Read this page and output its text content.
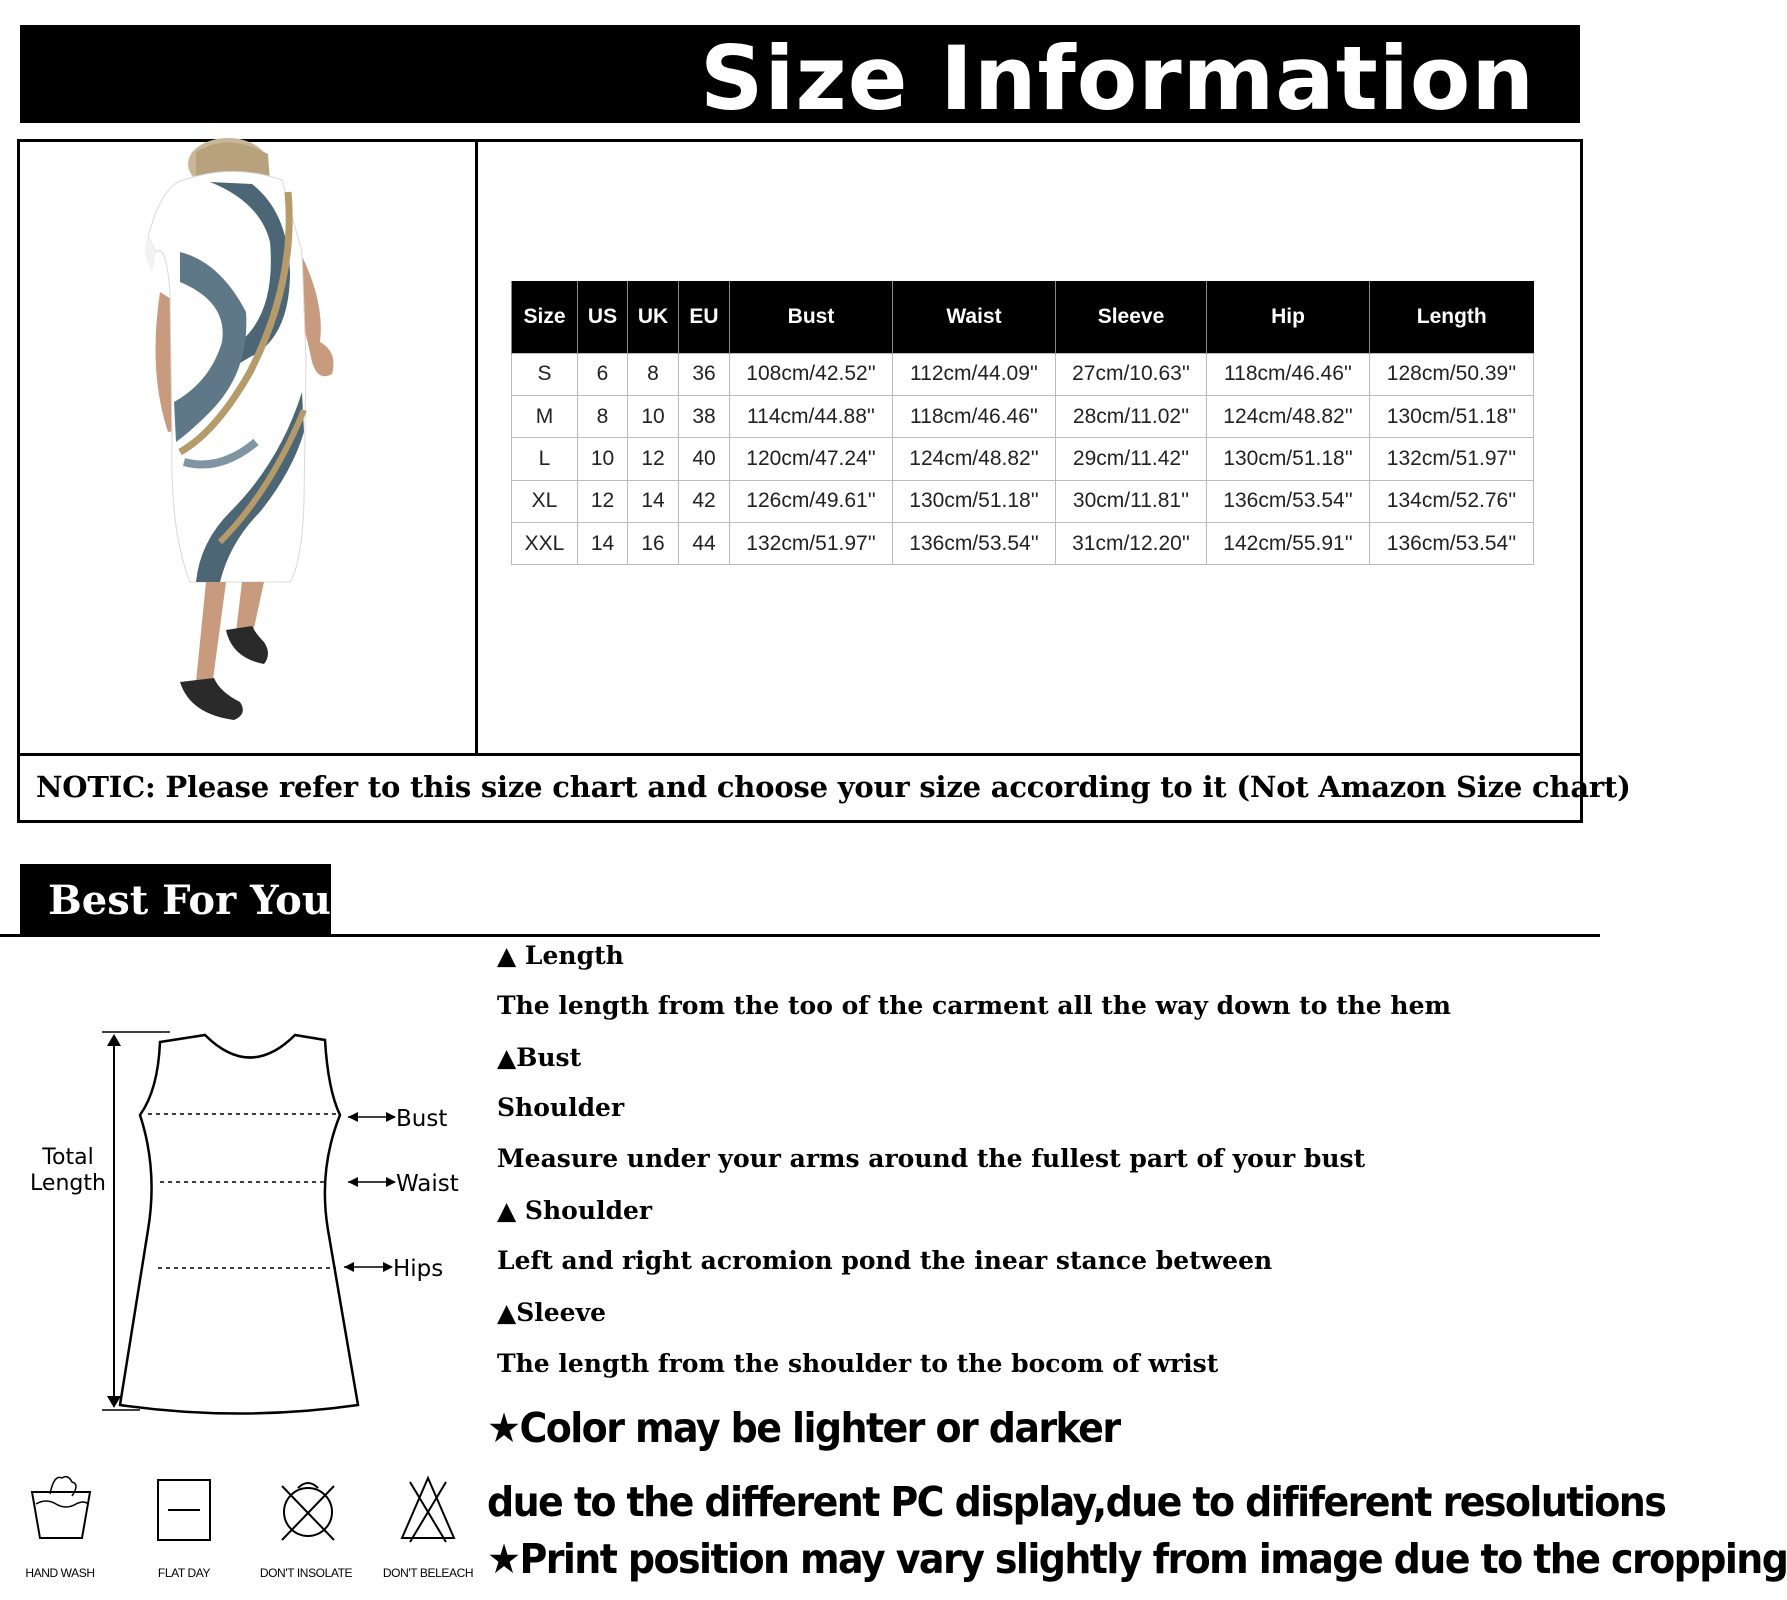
Size Information
NOTIC: Please refer to this size chart and choose your size according to it (Not Amazon Size chart)
Size	US	UK	EU	Bust	Waist	Sleeve	Hip	Length
S	6	8	36	108cm/42.52''	112cm/44.09''	27cm/10.63''	118cm/46.46''	128cm/50.39''
M	8	10	38	114cm/44.88''	118cm/46.46''	28cm/11.02''	124cm/48.82''	130cm/51.18''
L	10	12	40	120cm/47.24''	124cm/48.82''	29cm/11.42''	130cm/51.18''	132cm/51.97''
XL	12	14	42	126cm/49.61''	130cm/51.18''	30cm/11.81''	136cm/53.54''	134cm/52.76''
XXL	14	16	44	132cm/51.97''	136cm/53.54''	31cm/12.20''	142cm/55.91''	136cm/53.54''
Best For You
Total
Length
Bust
Waist
Hips
▲ Length
The length from the too of the carment all the way down to the hem
▲Bust
Shoulder
Measure under your arms around the fullest part of your bust
▲ Shoulder
Left and right acromion pond the inear stance between
▲Sleeve
The length from the shoulder to the bocom of wrist
★Color may be lighter or darker
due to the different PC display,due to dififerent resolutions
★Print position may vary slightly from image due to the cropping
HAND WASH	FLAT DAY	DON'T INSOLATE	DON'T BELEACH
